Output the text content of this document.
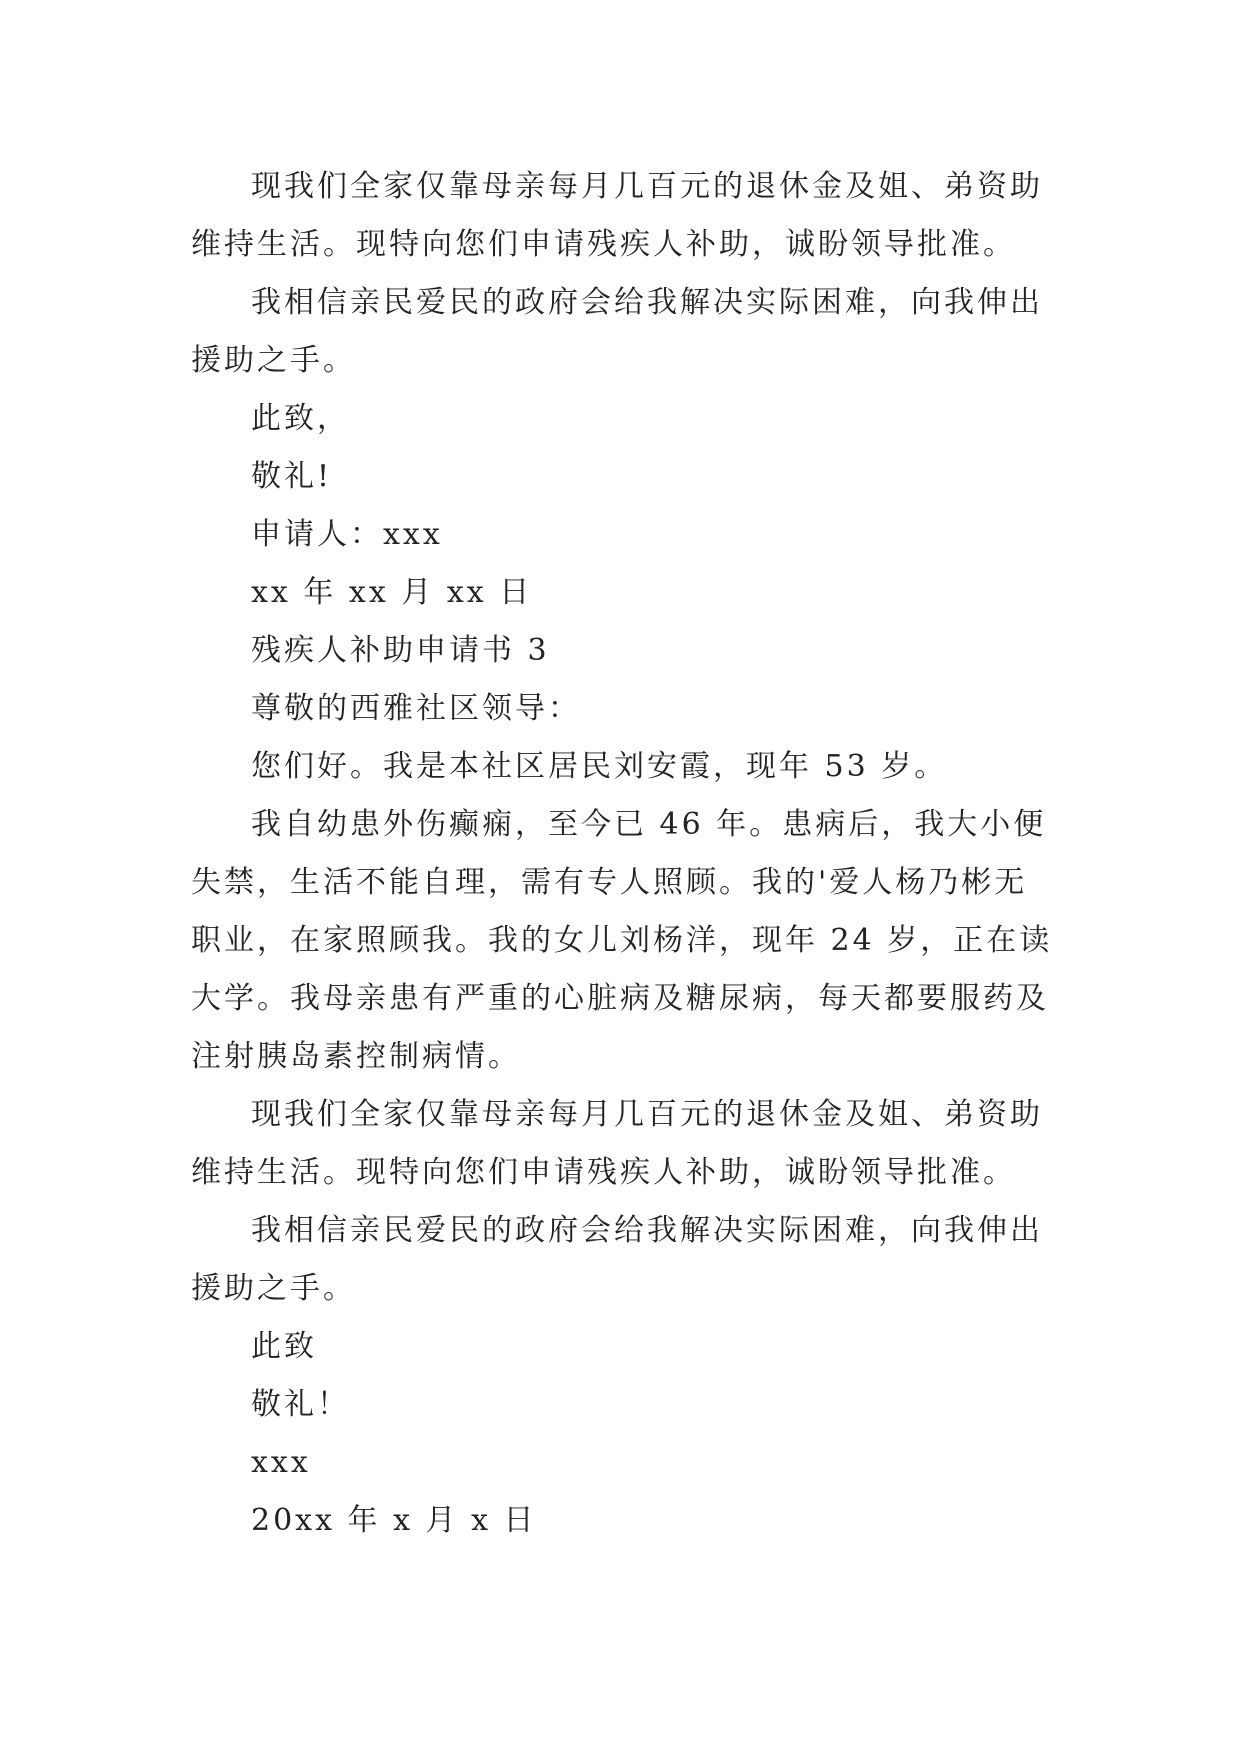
现我们全家仅靠母亲每月几百元的退休金及姐、弟资助
维持生活。现特向您们申请残疾人补助，诚盼领导批准。
我相信亲民爱民的政府会给我解决实际困难，向我伸出
援助之手。
此致，
敬礼!
申请人：xxx
xx 年 xx 月 xx 日
残疾人补助申请书 3
尊敬的西雅社区领导：
您们好。我是本社区居民刘安霞，现年 53 岁。
我自幼患外伤癫痫，至今已 46 年。患病后，我大小便
失禁，生活不能自理，需有专人照顾。我的'爱人杨乃彬无
职业，在家照顾我。我的女儿刘杨洋，现年 24 岁，正在读
大学。我母亲患有严重的心脏病及糖尿病，每天都要服药及
注射胰岛素控制病情。
现我们全家仅靠母亲每月几百元的退休金及姐、弟资助
维持生活。现特向您们申请残疾人补助，诚盼领导批准。
我相信亲民爱民的政府会给我解决实际困难，向我伸出
援助之手。
此致
敬礼！
xxx
20xx 年 x 月 x 日
